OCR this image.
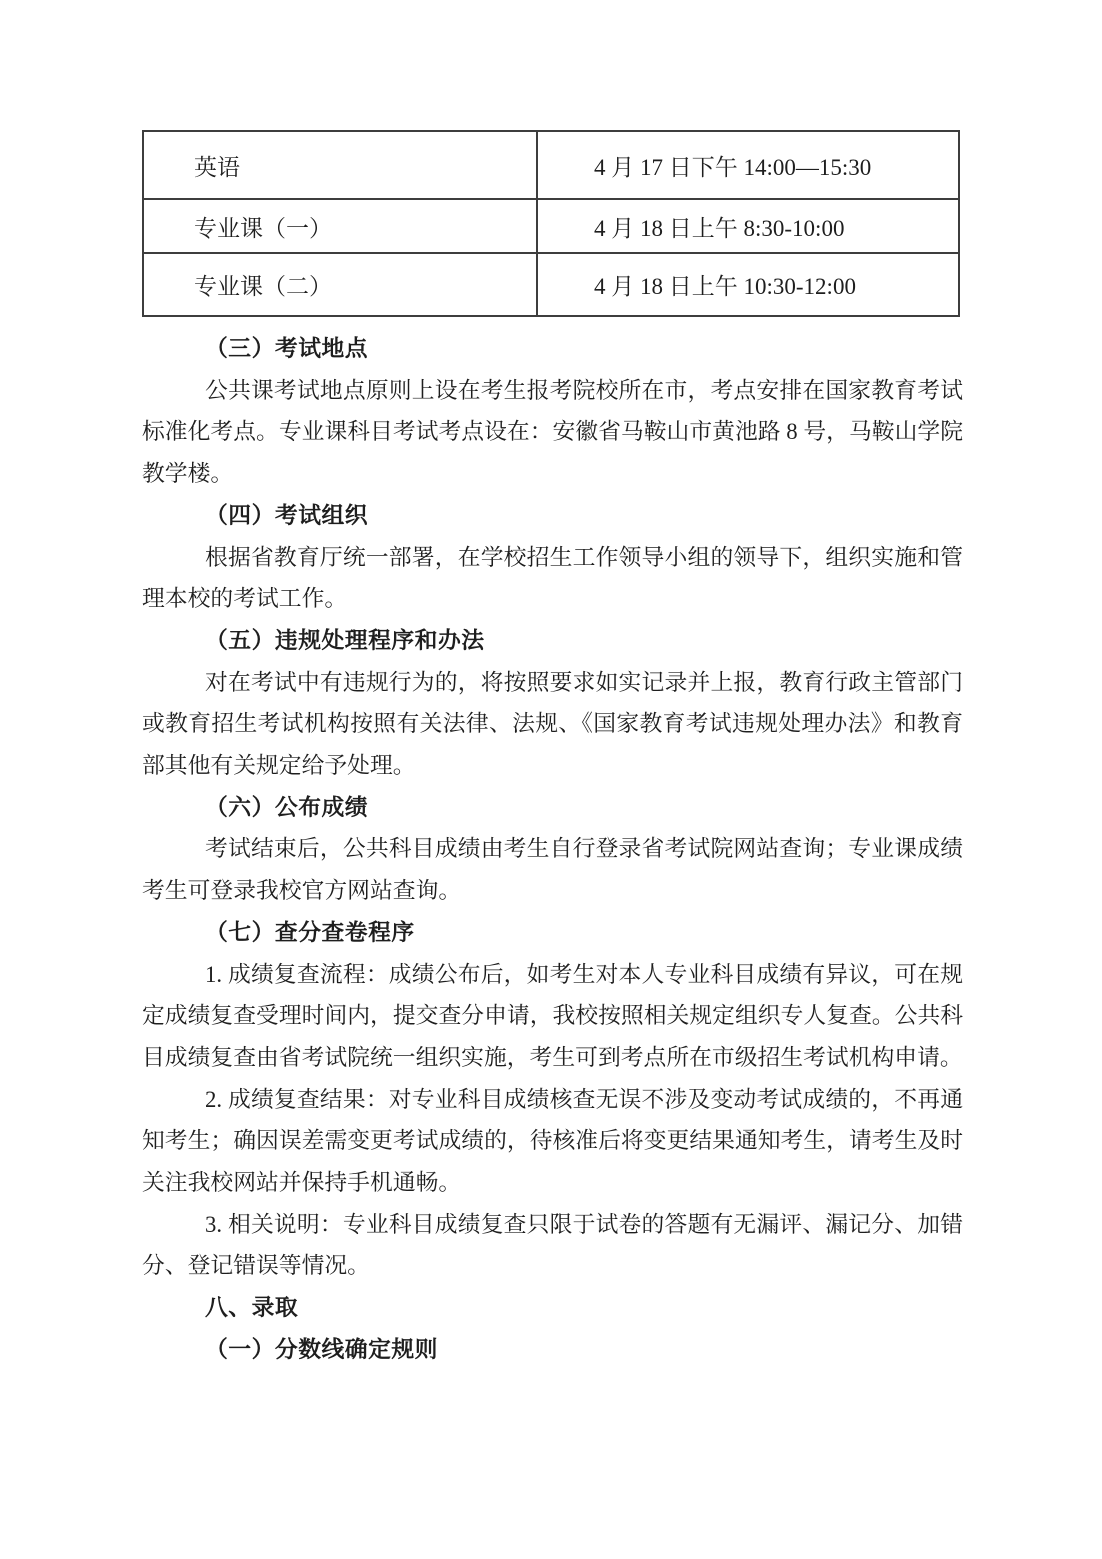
英语	4 月 17 日下午 14:00—15:30
专业课（一）	4 月 18 日上午 8:30-10:00
专业课（二）	4 月 18 日上午 10:30-12:00

（三）考试地点

公共课考试地点原则上设在考生报考院校所在市，考点安排在国家教育考试标准化考点。专业课科目考试考点设在：安徽省马鞍山市黄池路 8 号，马鞍山学院教学楼。

（四）考试组织

根据省教育厅统一部署，在学校招生工作领导小组的领导下，组织实施和管理本校的考试工作。

（五）违规处理程序和办法

对在考试中有违规行为的，将按照要求如实记录并上报，教育行政主管部门或教育招生考试机构按照有关法律、法规、《国家教育考试违规处理办法》和教育部其他有关规定给予处理。

（六）公布成绩

考试结束后，公共科目成绩由考生自行登录省考试院网站查询；专业课成绩考生可登录我校官方网站查询。

（七）查分查卷程序

1. 成绩复查流程：成绩公布后，如考生对本人专业科目成绩有异议，可在规定成绩复查受理时间内，提交查分申请，我校按照相关规定组织专人复查。公共科目成绩复查由省考试院统一组织实施，考生可到考点所在市级招生考试机构申请。

2. 成绩复查结果：对专业科目成绩核查无误不涉及变动考试成绩的，不再通知考生；确因误差需变更考试成绩的，待核准后将变更结果通知考生，请考生及时关注我校网站并保持手机通畅。

3. 相关说明：专业科目成绩复查只限于试卷的答题有无漏评、漏记分、加错分、登记错误等情况。

八、录取

（一）分数线确定规则
